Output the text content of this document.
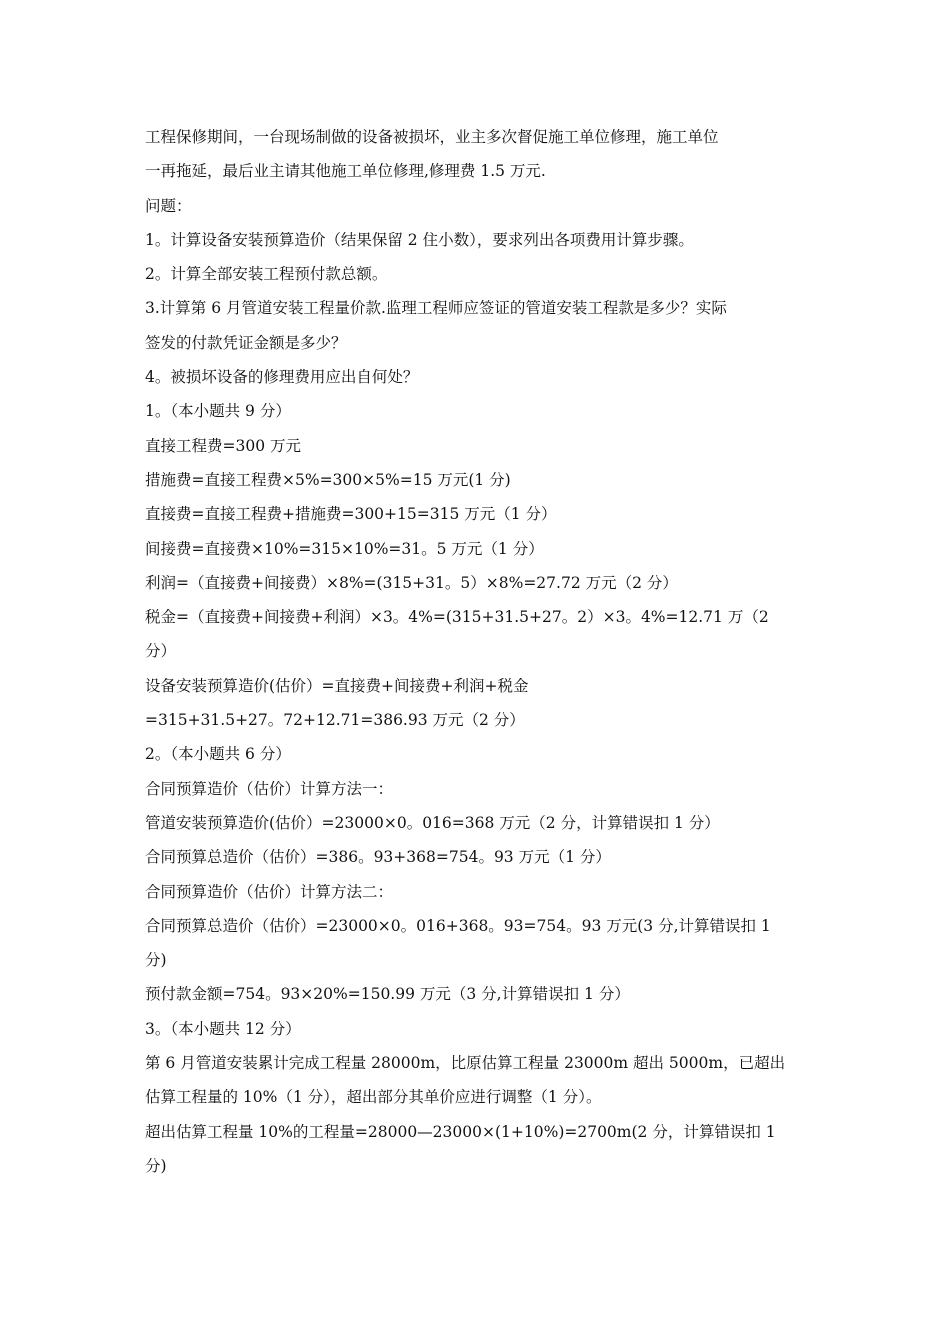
工程保修期间，一台现场制做的设备被损坏，业主多次督促施工单位修理，施工单位
一再拖延，最后业主请其他施工单位修理,修理费 1.5 万元.
问题：
1。计算设备安装预算造价（结果保留 2 住小数），要求列出各项费用计算步骤。
2。计算全部安装工程预付款总额。
3.计算第 6 月管道安装工程量价款.监理工程师应签证的管道安装工程款是多少？实际
签发的付款凭证金额是多少？
4。被损坏设备的修理费用应出自何处？
1。（本小题共 9 分）
直接工程费=300 万元
措施费=直接工程费×5%=300×5%=15 万元(1 分)
直接费=直接工程费+措施费=300+15=315 万元（1 分）
间接费=直接费×10%=315×10%=31。5 万元（1 分）
利润=（直接费+间接费）×8%=(315+31。5）×8%=27.72 万元（2 分）
税金=（直接费+间接费+利润）×3。4%=(315+31.5+27。2）×3。4%=12.71 万（2
分）
设备安装预算造价(估价）=直接费+间接费+利润+税金
=315+31.5+27。72+12.71=386.93 万元（2 分）
2。（本小题共 6 分）
合同预算造价（估价）计算方法一：
管道安装预算造价(估价）=23000×0。016=368 万元（2 分，计算错误扣 1 分）
合同预算总造价（估价）=386。93+368=754。93 万元（1 分）
合同预算造价（估价）计算方法二：
合同预算总造价（估价）=23000×0。016+368。93=754。93 万元(3 分,计算错误扣 1
分)
预付款金额=754。93×20%=150.99 万元（3 分,计算错误扣 1 分）
3。（本小题共 12 分）
第 6 月管道安装累计完成工程量 28000m，比原估算工程量 23000m 超出 5000m，已超出
估算工程量的 10%（1 分），超出部分其单价应进行调整（1 分）。
超出估算工程量 10%的工程量=28000—23000×(1+10%)=2700m(2 分，计算错误扣 1
分)
